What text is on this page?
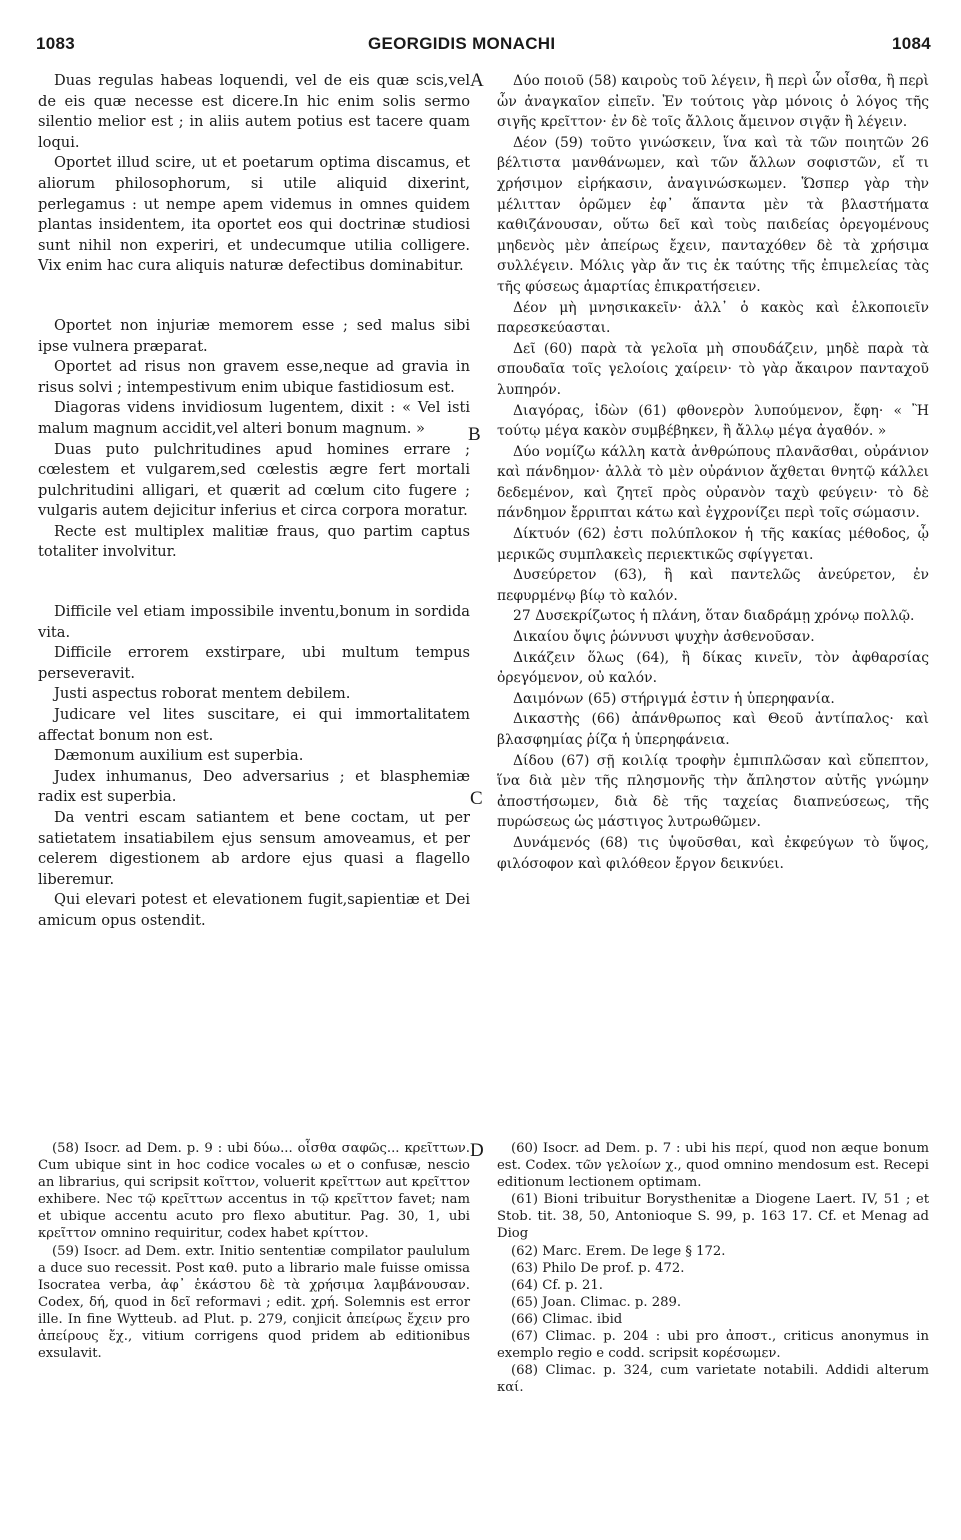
1083	GEORGIDIS MONACHI	1084
A
B
C
D

Duas regulas habeas loquendi, vel de eis quæ scis,vel de eis quæ necesse est dicere.In hic enim solis sermo silentio melior est ; in aliis autem potius est tacere quam loqui.

Oportet illud scire, ut et poetarum optima discamus, et aliorum philosophorum, si utile aliquid dixerint, perlegamus : ut nempe apem videmus in omnes quidem plantas insidentem, ita oportet eos qui doctrinæ studiosi sunt nihil non experiri, et undecumque utilia colligere. Vix enim hac cura aliquis naturæ defectibus dominabitur.

Oportet non injuriæ memorem esse ; sed malus sibi ipse vulnera præparat.

Oportet ad risus non gravem esse,neque ad gravia in risus solvi ; intempestivum enim ubique fastidiosum est.

Diagoras videns invidiosum lugentem, dixit : « Vel isti malum magnum accidit,vel alteri bonum magnum. »

Duas puto pulchritudines apud homines errare ; cœlestem et vulgarem,sed cœlestis ægre fert mortali pulchritudini alligari, et quærit ad cœlum cito fugere ; vulgaris autem dejicitur inferius et circa corpora moratur.

Recte est multiplex malitiæ fraus, quo partim captus totaliter involvitur.

Difficile vel etiam impossibile inventu,bonum in sordida vita.

Difficile errorem exstirpare, ubi multum tempus perseveravit.

Justi aspectus roborat mentem debilem.

Judicare vel lites suscitare, ei qui immortalitatem affectat bonum non est.

Dæmonum auxilium est superbia.

Judex inhumanus, Deo adversarius ; et blasphemiæ radix est superbia.

Da ventri escam satiantem et bene coctam, ut per satietatem insatiabilem ejus sensum amoveamus, et per celerem digestionem ab ardore ejus quasi a flagello liberemur.

Qui elevari potest et elevationem fugit,sapientiæ et Dei amicum opus ostendit.

Δύο ποιοῦ (58) καιροὺς τοῦ λέγειν, ἢ περὶ ὧν οἶσθα, ἢ περὶ ὧν ἀναγκαῖον εἰπεῖν. Ἐν τούτοις γὰρ μόνοις ὁ λόγος τῆς σιγῆς κρεῖττον· ἐν δὲ τοῖς ἄλλοις ἄμεινον σιγᾷν ἢ λέγειν.

Δέον (59) τοῦτο γινώσκειν, ἵνα καὶ τὰ τῶν ποιητῶν 26 βέλτιστα μανθάνωμεν, καὶ τῶν ἄλλων σοφιστῶν, εἴ τι χρήσιμον εἰρήκασιν, ἀναγινώσκωμεν. Ὥσπερ γὰρ τὴν μέλιτταν ὁρῶμεν ἐφ᾽ ἅπαντα μὲν τὰ βλαστήματα καθιζάνουσαν, οὕτω δεῖ καὶ τοὺς παιδείας ὀρεγομένους μηδενὸς μὲν ἀπείρως ἔχειν, πανταχόθεν δὲ τὰ χρήσιμα συλλέγειν. Μόλις γὰρ ἄν τις ἐκ ταύτης τῆς ἐπιμελείας τὰς τῆς φύσεως ἁμαρτίας ἐπικρατήσειεν.

Δέον μὴ μνησικακεῖν· ἀλλ᾽ ὁ κακὸς καὶ ἑλκοποιεῖν παρεσκεύασται.

Δεῖ (60) παρὰ τὰ γελοῖα μὴ σπουδάζειν, μηδὲ παρὰ τὰ σπουδαῖα τοῖς γελοίοις χαίρειν· τὸ γὰρ ἄκαιρον πανταχοῦ λυπηρόν.

Διαγόρας, ἰδὼν (61) φθονερὸν λυπούμενον, ἔφη· « Ἢ τούτῳ μέγα κακὸν συμβέβηκεν, ἢ ἄλλῳ μέγα ἀγαθόν. »

Δύο νομίζω κάλλη κατὰ ἀνθρώπους πλανᾶσθαι, οὐράνιον καὶ πάνδημον· ἀλλὰ τὸ μὲν οὐράνιον ἄχθεται θνητῷ κάλλει δεδεμένον, καὶ ζητεῖ πρὸς οὐρανὸν ταχὺ φεύγειν· τὸ δὲ πάνδημον ἔρριπται κάτω καὶ ἐγχρονίζει περὶ τοῖς σώμασιν.

Δίκτυόν (62) ἐστι πολύπλοκον ἡ τῆς κακίας μέθοδος, ᾧ μερικῶς συμπλακεὶς περιεκτικῶς σφίγγεται.

Δυσεύρετον (63), ἢ καὶ παντελῶς ἀνεύρετον, ἐν πεφυρμένῳ βίῳ τὸ καλόν.

27 Δυσεκρίζωτος ἡ πλάνη, ὅταν διαδράμῃ χρόνῳ πολλῷ.

Δικαίου ὄψις ῥώννυσι ψυχὴν ἀσθενοῦσαν.

Δικάζειν ὅλως (64), ἢ δίκας κινεῖν, τὸν ἀφθαρσίας ὀρεγόμενον, οὐ καλόν.

Δαιμόνων (65) στήριγμά ἐστιν ἡ ὑπερηφανία.

Δικαστὴς (66) ἀπάνθρωπος καὶ Θεοῦ ἀντίπαλος· καὶ βλασφημίας ῥίζα ἡ ὑπερηφάνεια.

Δίδου (67) σῇ κοιλίᾳ τροφὴν ἐμπιπλῶσαν καὶ εὔπεπτον, ἵνα διὰ μὲν τῆς πλησμονῆς τὴν ἄπληστον αὐτῆς γνώμην ἀποστήσωμεν, διὰ δὲ τῆς ταχείας διαπνεύσεως, τῆς πυρώσεως ὡς μάστιγος λυτρωθῶμεν.

Δυνάμενός (68) τις ὑψοῦσθαι, καὶ ἐκφεύγων τὸ ὕψος, φιλόσοφον καὶ φιλόθεον ἔργον δεικνύει.

(58) Isocr. ad Dem. p. 9 : ubi δύω... οἶσθα σαφῶς... κρεῖττων. Cum ubique sint in hoc codice vocales ω et ο confusæ, nescio an librarius, qui scripsit κοῖττον, voluerit κρεῖττων aut κρεῖττον exhibere. Nec τῷ κρεῖττων accentus in τῷ κρεῖττον favet; nam et ubique accentu acuto pro flexo abutitur. Pag. 30, 1, ubi κρεῖττον omnino requiritur, codex habet κρίττον.

(59) Isocr. ad Dem. extr. Initio sententiæ compilator paululum a duce suo recessit. Post καθ. puto a librario male fuisse omissa Isocratea verba, ἀφ᾽ ἑκάστου δὲ τὰ χρήσιμα λαμβάνουσαν. Codex, δή, quod in δεῖ reformavi ; edit. χρή. Solemnis est error ille. In fine Wytteub. ad Plut. p. 279, conjicit ἀπείρως ἔχειν pro ἀπείρους ἔχ., vitium corrigens quod pridem ab editionibus exsulavit.

(60) Isocr. ad Dem. p. 7 : ubi his περί, quod non æque bonum est. Codex. τῶν γελοίων χ., quod omnino mendosum est. Recepi editionum lectionem optimam.

(61) Bioni tribuitur Borysthenitæ a Diogene Laert. IV, 51 ; et Stob. tit. 38, 50, Antonioque S. 99, p. 163 17. Cf. et Menag ad Diog

(62) Marc. Erem. De lege § 172.

(63) Philo De prof. p. 472.

(64) Cf. p. 21.

(65) Joan. Climac. p. 289.

(66) Climac. ibid

(67) Climac. p. 204 : ubi pro ἀποστ., criticus anonymus in exemplo regio e codd. scripsit κορέσωμεν.

(68) Climac. p. 324, cum varietate notabili. Addidi alterum καί.
